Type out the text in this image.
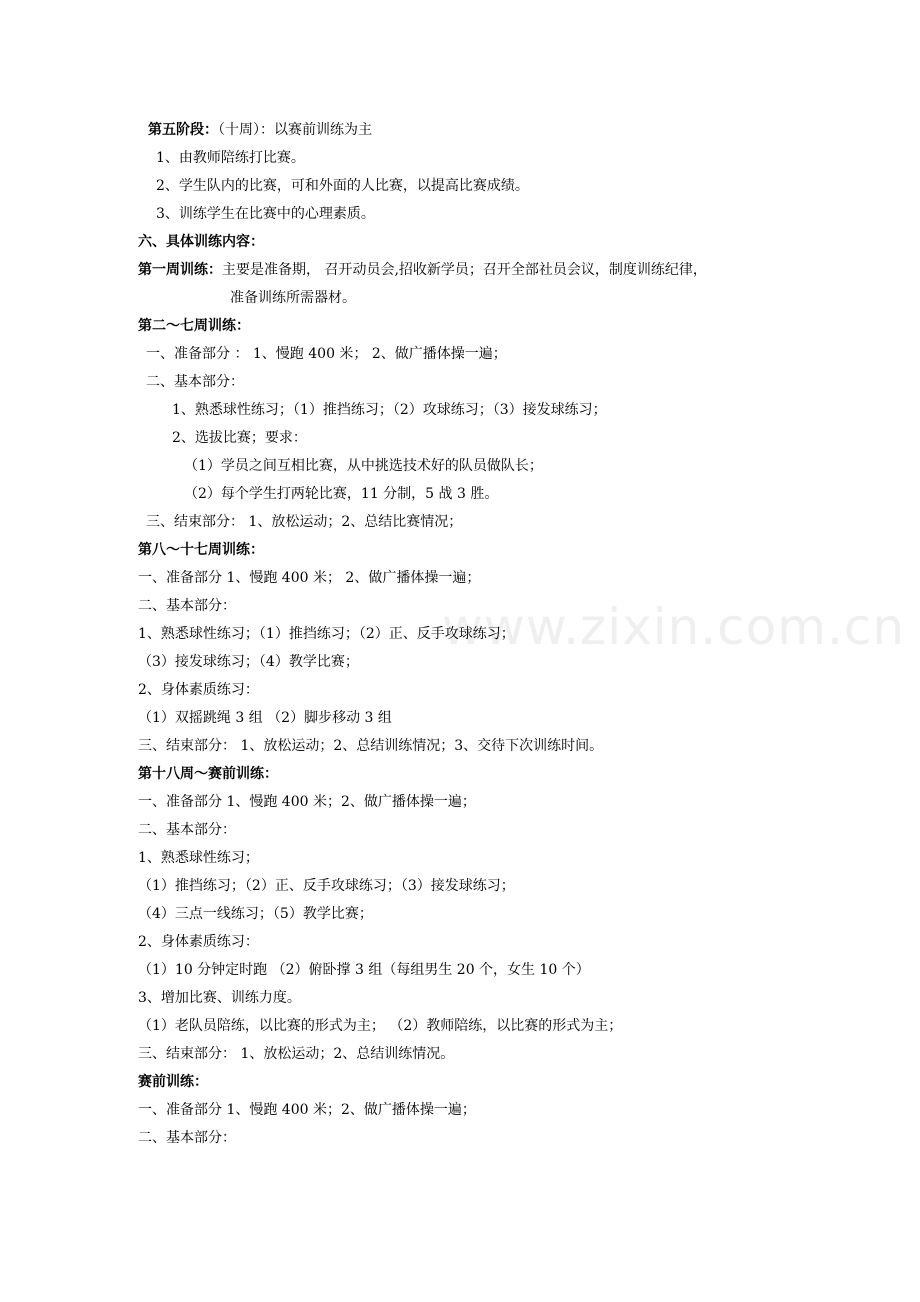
www.zixin.com.cn
第五阶段：（十周）：以赛前训练为主
1、由教师陪练打比赛。
2、学生队内的比赛，可和外面的人比赛，以提高比赛成绩。
3、训练学生在比赛中的心理素质。
六、具体训练内容：
第一周训练：主要是准备期， 召开动员会,招收新学员；召开全部社员会议，制度训练纪律，
准备训练所需器材。
第二～七周训练：
一、准备部分 ： 1、慢跑 400 米； 2、做广播体操一遍；
二、基本部分：
1、熟悉球性练习；（1）推挡练习；（2）攻球练习；（3）接发球练习；
2、选拔比赛；要求：
（1）学员之间互相比赛，从中挑选技术好的队员做队长；
（2）每个学生打两轮比赛，11 分制，5 战 3 胜。
三、结束部分： 1、放松运动；2、总结比赛情况；
第八～十七周训练：
一、准备部分 1、慢跑 400 米； 2、做广播体操一遍；
二、基本部分：
1、熟悉球性练习；（1）推挡练习；（2）正、反手攻球练习；
（3）接发球练习；（4）教学比赛；
2、身体素质练习：
（1）双摇跳绳 3 组 （2）脚步移动 3 组
三、结束部分： 1、放松运动；2、总结训练情况；3、交待下次训练时间。
第十八周～赛前训练：
一、准备部分 1、慢跑 400 米；2、做广播体操一遍；
二、基本部分：
1、熟悉球性练习；
（1）推挡练习；（2）正、反手攻球练习；（3）接发球练习；
（4）三点一线练习；（5）教学比赛；
2、身体素质练习：
（1）10 分钟定时跑 （2）俯卧撑 3 组（每组男生 20 个，女生 10 个）
3、增加比赛、训练力度。
（1）老队员陪练，以比赛的形式为主； （2）教师陪练，以比赛的形式为主；
三、结束部分： 1、放松运动；2、总结训练情况。
赛前训练：
一、准备部分 1、慢跑 400 米；2、做广播体操一遍；
二、基本部分：
